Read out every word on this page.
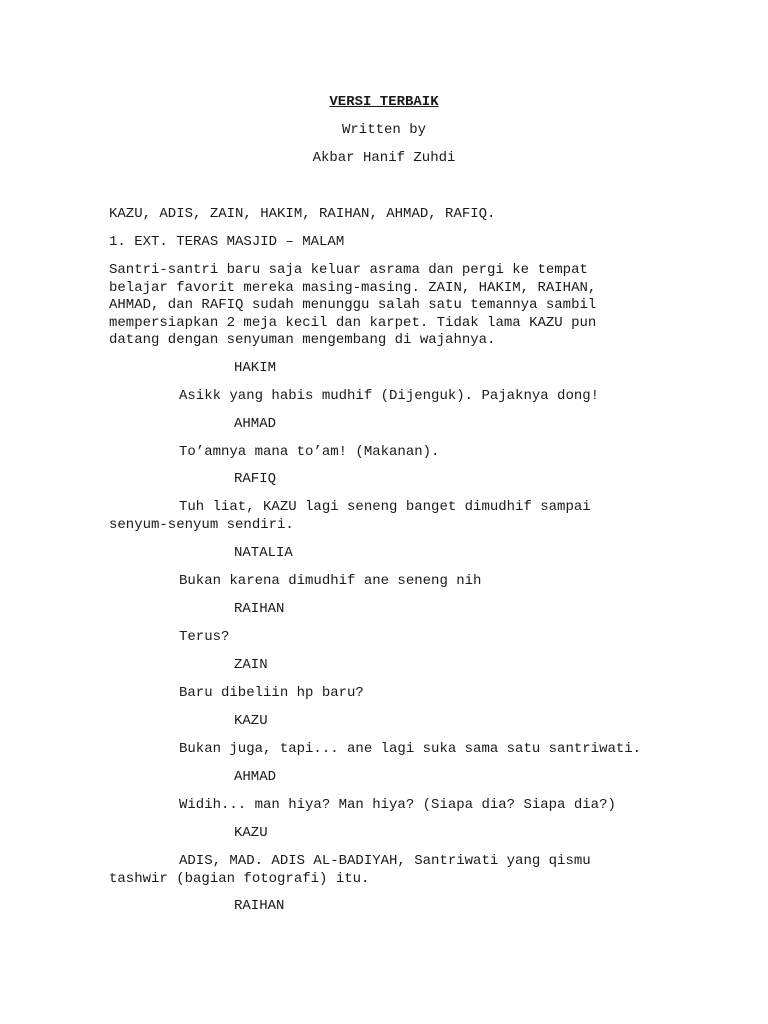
VERSI TERBAIK

Written by

Akbar Hanif Zuhdi

KAZU, ADIS, ZAIN, HAKIM, RAIHAN, AHMAD, RAFIQ.

1. EXT. TERAS MASJID – MALAM

Santri-santri baru saja keluar asrama dan pergi ke tempat

belajar favorit mereka masing-masing. ZAIN, HAKIM, RAIHAN,

AHMAD, dan RAFIQ sudah menunggu salah satu temannya sambil

mempersiapkan 2 meja kecil dan karpet. Tidak lama KAZU pun

datang dengan senyuman mengembang di wajahnya.

HAKIM

Asikk yang habis mudhif (Dijenguk). Pajaknya dong!

AHMAD

To’amnya mana to’am! (Makanan).

RAFIQ

Tuh liat, KAZU lagi seneng banget dimudhif sampai

senyum-senyum sendiri.

NATALIA

Bukan karena dimudhif ane seneng nih

RAIHAN

Terus?

ZAIN

Baru dibeliin hp baru?

KAZU

Bukan juga, tapi... ane lagi suka sama satu santriwati.

AHMAD

Widih... man hiya? Man hiya? (Siapa dia? Siapa dia?)

KAZU

ADIS, MAD. ADIS AL-BADIYAH, Santriwati yang qismu

tashwir (bagian fotografi) itu.

RAIHAN
